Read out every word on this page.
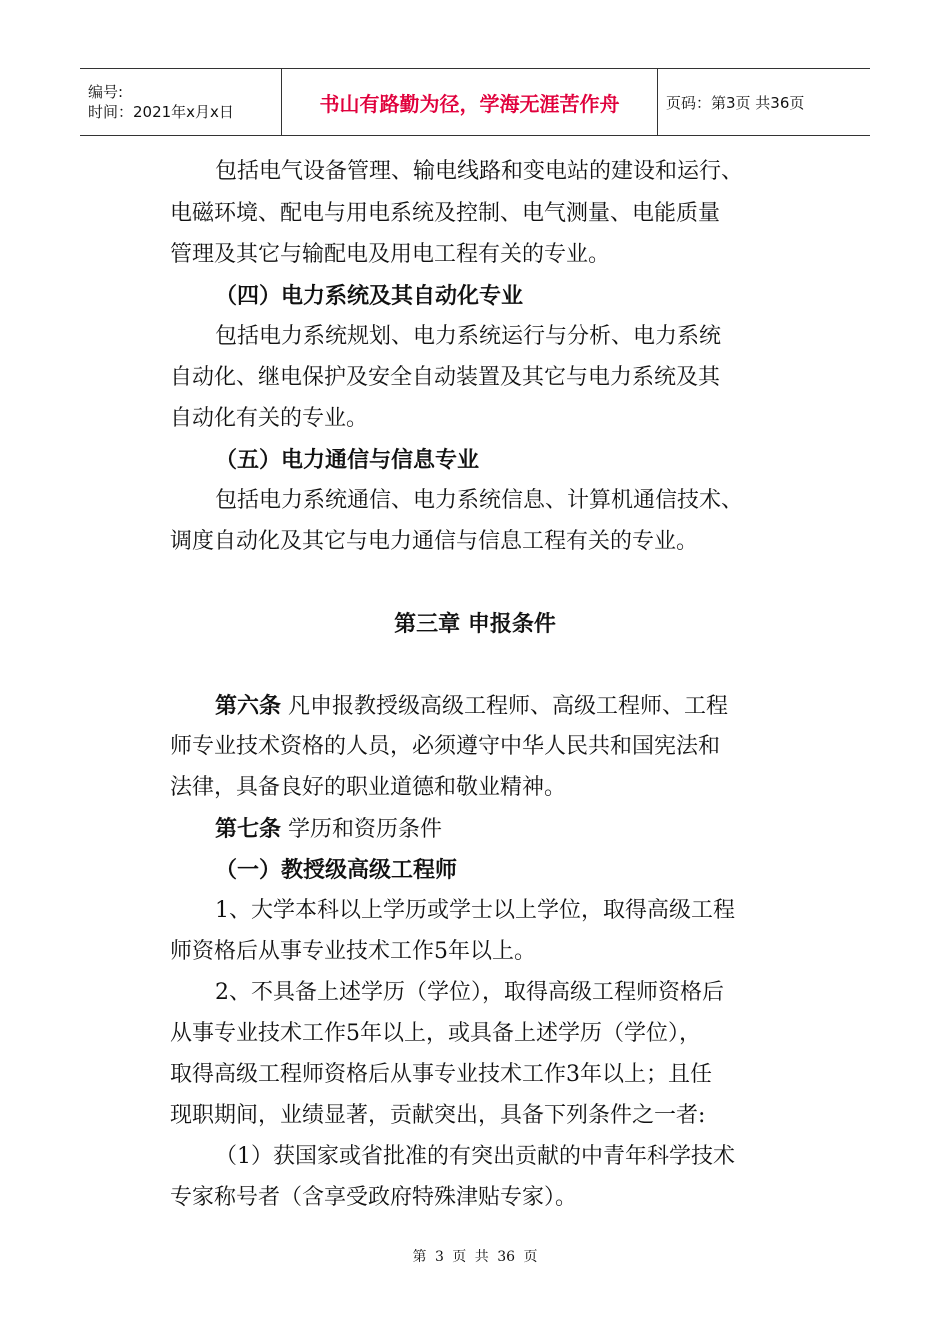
编号:
时间：2021年x月x日	书山有路勤为径，学海无涯苦作舟	页码：第3页 共36页
包括电气设备管理、输电线路和变电站的建设和运行、
电磁环境、配电与用电系统及控制、电气测量、电能质量
管理及其它与输配电及用电工程有关的专业。
（四）电力系统及其自动化专业
包括电力系统规划、电力系统运行与分析、电力系统
自动化、继电保护及安全自动装置及其它与电力系统及其
自动化有关的专业。
（五）电力通信与信息专业
包括电力系统通信、电力系统信息、计算机通信技术、
调度自动化及其它与电力通信与信息工程有关的专业。
第三章 申报条件
第六条 凡申报教授级高级工程师、高级工程师、工程
师专业技术资格的人员，必须遵守中华人民共和国宪法和
法律，具备良好的职业道德和敬业精神。
第七条 学历和资历条件
（一）教授级高级工程师
1、大学本科以上学历或学士以上学位，取得高级工程
师资格后从事专业技术工作5年以上。
2、不具备上述学历（学位），取得高级工程师资格后
从事专业技术工作5年以上，或具备上述学历（学位），
取得高级工程师资格后从事专业技术工作3年以上；且任
现职期间，业绩显著，贡献突出，具备下列条件之一者:
（1）获国家或省批准的有突出贡献的中青年科学技术
专家称号者（含享受政府特殊津贴专家）。
第 3 页 共 36 页
